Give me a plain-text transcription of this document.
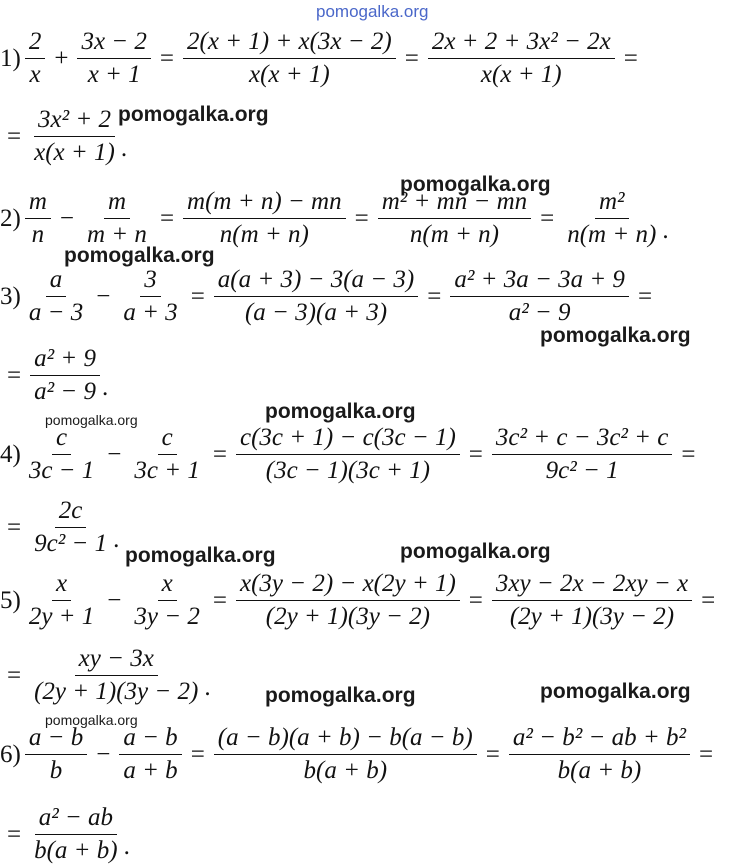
pomogalka.org
pomogalka.org
pomogalka.org
pomogalka.org
pomogalka.org
pomogalka.org	pomogalka.org
pomogalka.org	pomogalka.org
pomogalka.org	pomogalka.org
pomogalka.org
$1) \frac{2}{x} + \frac{3x - 2}{x + 1} = \frac{2(x + 1) + x(3x - 2)}{x(x + 1)} = \frac{\text{2x + 2 + 3x² − 2x}}{x(x + 1)}$ =
= $\frac{\text{3x² + 2}}{x(x + 1)}$ .
$2) \frac{m}{n} - \frac{m}{m + n} = \frac{m(m + n) - mn}{n(m + n)} = \frac{\text{m² + mn − mn}}{n(m + n)} = \frac{\text{m²}}{n(m + n)}$ .
$3) \frac{a}{a - 3} - \frac{3}{a + 3} = \frac{a(a + 3) - 3(a - 3)}{(a - 3)(a + 3)} = \frac{\text{a² + 3a − 3a + 9}}{\text{a² − 9}}$ =
= $\frac{\text{a² + 9}}{\text{a² − 9}}$ .
$4) \frac{c}{3c - 1} - \frac{c}{3c + 1} = \frac{c(3c + 1) - c(3c - 1)}{(3c - 1)(3c + 1)} = \frac{\text{3c² + c − 3c² + c}}{\text{9c² − 1}}$ =
= $\frac{2c}{\text{9c² − 1}}$ .
$5) \frac{x}{2y + 1} - \frac{x}{3y - 2} = \frac{x(3y - 2) - x(2y + 1)}{(2y + 1)(3y - 2)} = \frac{3xy - 2x - 2xy - x}{(2y + 1)(3y - 2)}$ =
= $\frac{xy - 3x}{(2y + 1)(3y - 2)}$ .
$6) \frac{a - b}{b} - \frac{a - b}{a + b} = \frac{(a - b)(a + b) - b(a - b)}{b(a + b)} = \frac{\text{a² − b² − ab + b²}}{b(a + b)}$ =
= $\frac{\text{a² − ab}}{b(a + b)}$ .
